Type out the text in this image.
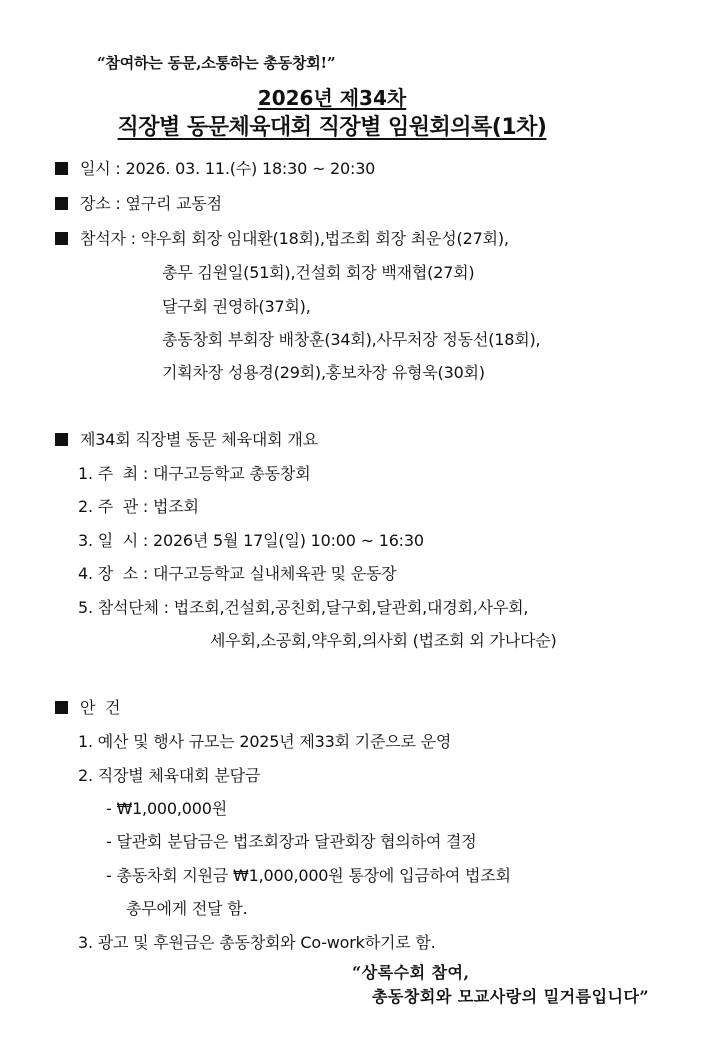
“참여하는 동문,소통하는 총동창회!”
2026년 제34차
직장별 동문체육대회 직장별 임원회의록(1차)
일시 : 2026. 03. 11.(수) 18:30 ~ 20:30
장소 : 옆구리 교동점
참석자 : 약우회 회장 임대환(18회),법조회 회장 최운성(27회),
총무 김원일(51회),건설회 회장 백재협(27회)
달구회 권영하(37회),
총동창회 부회장 배창훈(34회),사무처장 정동선(18회),
기획차장 성용경(29회),홍보차장 유형욱(30회)
제34회 직장별 동문 체육대회 개요
1. 주  최 : 대구고등학교 총동창회
2. 주  관 : 법조회
3. 일  시 : 2026년 5월 17일(일) 10:00 ~ 16:30
4. 장  소 : 대구고등학교 실내체육관 및 운동장
5. 참석단체 : 법조회,건설회,공친회,달구회,달관회,대경회,사우회,
세우회,소공회,약우회,의사회 (법조회 외 가나다순)
안  건
1. 예산 및 행사 규모는 2025년 제33회 기준으로 운영
2. 직장별 체육대회 분담금
- ₩1,000,000원
- 달관회 분담금은 법조회장과 달관회장 협의하여 결정
- 총동차회 지원금 ₩1,000,000원 통장에 입금하여 법조회
총무에게 전달 함.
3. 광고 및 후원금은 총동창회와 Co-work하기로 함.
“상록수회 참여,
총동창회와 모교사랑의 밀거름입니다”
